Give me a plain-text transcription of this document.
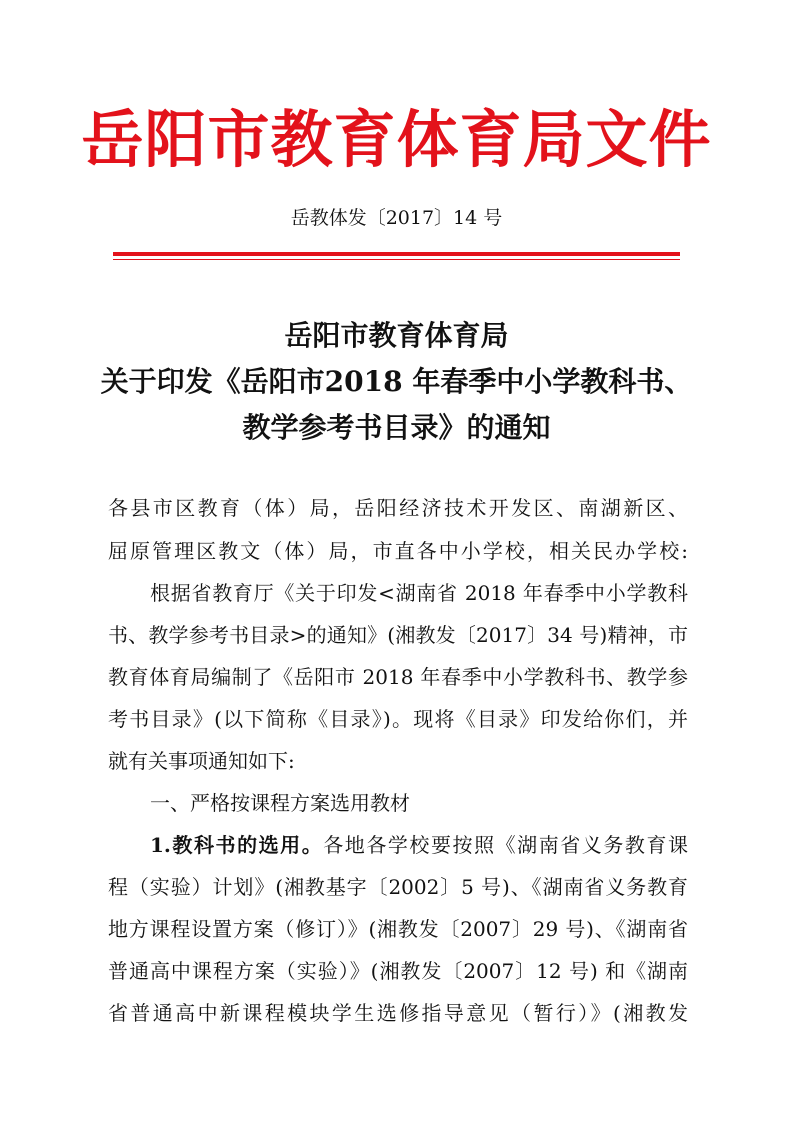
岳阳市教育体育局文件
岳教体发〔2017〕14 号
岳阳市教育体育局
关于印发《岳阳市2018 年春季中小学教科书、
教学参考书目录》的通知
各县市区教育（体）局，岳阳经济技术开发区、南湖新区、
屈原管理区教文（体）局，市直各中小学校，相关民办学校:
根据省教育厅《关于印发<湖南省 2018 年春季中小学教科
书、教学参考书目录>的通知》(湘教发〔2017〕34 号)精神，市
教育体育局编制了《岳阳市 2018 年春季中小学教科书、教学参
考书目录》(以下简称《目录》)。现将《目录》印发给你们，并
就有关事项通知如下:
一、严格按课程方案选用教材
1.教科书的选用。各地各学校要按照《湖南省义务教育课
程（实验）计划》(湘教基字〔2002〕5 号)、《湖南省义务教育
地方课程设置方案（修订）》(湘教发〔2007〕29 号)、《湖南省
普通高中课程方案（实验）》(湘教发〔2007〕12 号) 和《湖南
省普通高中新课程模块学生选修指导意见（暂行）》(湘教发
